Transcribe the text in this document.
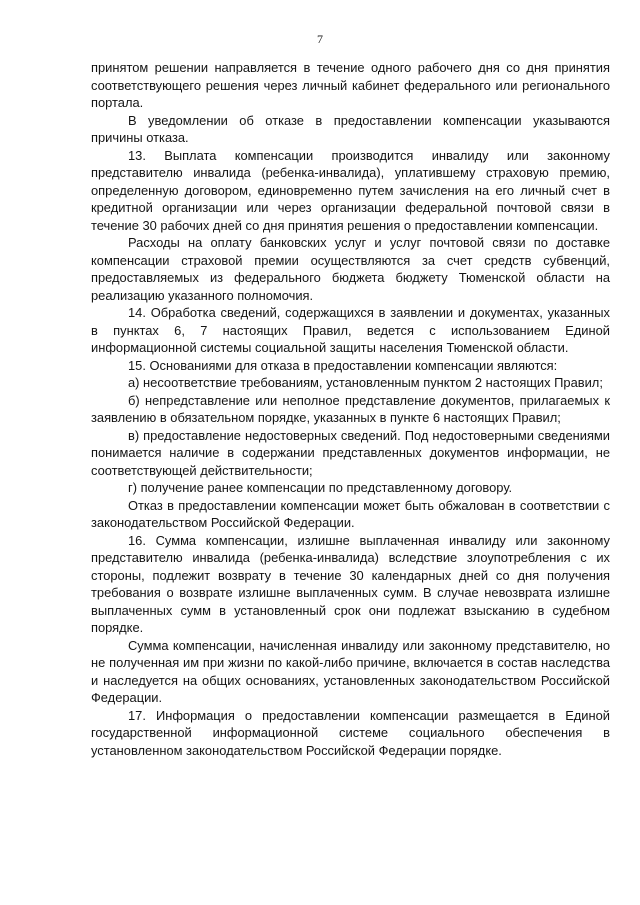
7

принятом решении направляется в течение одного рабочего дня со дня принятия соответствующего решения через личный кабинет федерального или регионального портала.

В уведомлении об отказе в предоставлении компенсации указываются причины отказа.

13. Выплата компенсации производится инвалиду или законному представителю инвалида (ребенка-инвалида), уплатившему страховую премию, определенную договором, единовременно путем зачисления на его личный счет в кредитной организации или через организации федеральной почтовой связи в течение 30 рабочих дней со дня принятия решения о предоставлении компенсации.

Расходы на оплату банковских услуг и услуг почтовой связи по доставке компенсации страховой премии осуществляются за счет средств субвенций, предоставляемых из федерального бюджета бюджету Тюменской области на реализацию указанного полномочия.

14. Обработка сведений, содержащихся в заявлении и документах, указанных в пунктах 6, 7 настоящих Правил, ведется с использованием Единой информационной системы социальной защиты населения Тюменской области.

15. Основаниями для отказа в предоставлении компенсации являются:

а) несоответствие требованиям, установленным пунктом 2 настоящих Правил;

б) непредставление или неполное представление документов, прилагаемых к заявлению в обязательном порядке, указанных в пункте 6 настоящих Правил;

в) предоставление недостоверных сведений. Под недостоверными сведениями понимается наличие в содержании представленных документов информации, не соответствующей действительности;

г) получение ранее компенсации по представленному договору.

Отказ в предоставлении компенсации может быть обжалован в соответствии с законодательством Российской Федерации.

16. Сумма компенсации, излишне выплаченная инвалиду или законному представителю инвалида (ребенка-инвалида) вследствие злоупотребления с их стороны, подлежит возврату в течение 30 календарных дней со дня получения требования о возврате излишне выплаченных сумм. В случае невозврата излишне выплаченных сумм в установленный срок они подлежат взысканию в судебном порядке.

Сумма компенсации, начисленная инвалиду или законному представителю, но не полученная им при жизни по какой-либо причине, включается в состав наследства и наследуется на общих основаниях, установленных законодательством Российской Федерации.

17. Информация о предоставлении компенсации размещается в Единой государственной информационной системе социального обеспечения в установленном законодательством Российской Федерации порядке.
